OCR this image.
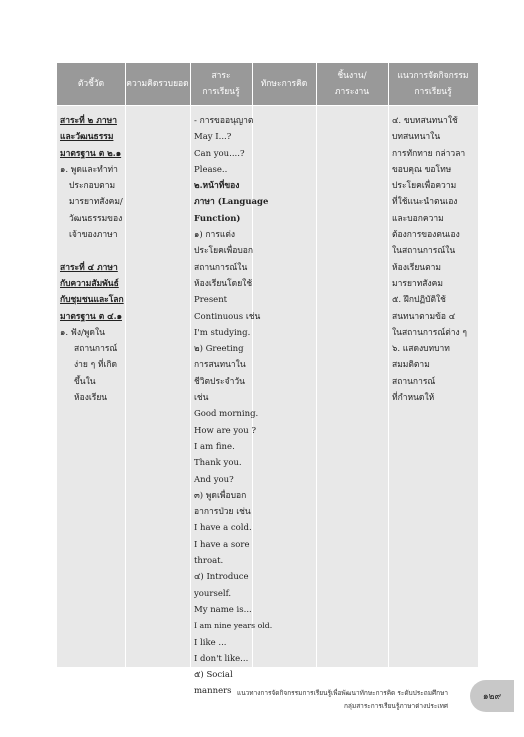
ตัวชี้วัด	ความคิดรวบยอด
สาระ
การเรียนรู้
ทักษะการคิด
ชิ้นงาน/
ภาระงาน
แนวการจัดกิจกรรม
การเรียนรู้

สาระที่ ๒ ภาษา

และวัฒนธรรม

มาตรฐาน ต ๒.๑

๑. พูดและทำท่า

ประกอบตาม

มารยาทสังคม/

วัฒนธรรมของ

เจ้าของภาษา

สาระที่ ๔ ภาษา

กับความสัมพันธ์

กับชุมชนและโลก

มาตรฐาน ต ๔.๑

๑. ฟัง/พูดใน

สถานการณ์

ง่าย ๆ ที่เกิด

ขึ้นใน

ห้องเรียน

- การขออนุญาต

May I...?

Can you....?

Please..

๒.หน้าที่ของ

ภาษา (Language

Function)

๑) การแต่ง

ประโยคเพื่อบอก

สถานการณ์ใน

ห้องเรียนโดยใช้

Present

Continuous เช่น

I'm studying.

๒) Greeting

การสนทนาใน

ชีวิตประจำวัน

เช่น

Good morning.

How are you ?

I am fine.

Thank you.

And you?

๓) พูดเพื่อบอก

อาการป่วย เช่น

I have a cold.

I have a sore

throat.

๔) Introduce

yourself.

My name is...

I am nine years old.

I like ...

I don't like...

๕) Social

manners

๔. ขบทสนทนาใช้

บทสนทนาใน

การทักทาย กล่าวลา

ขอบคุณ ขอโทษ

ประโยคเพื่อความ

ที่ใช้แนะนำตนเอง

และบอกความ

ต้องการของตนเอง

ในสถานการณ์ใน

ห้องเรียนตาม

มารยาทสังคม

๕. ฝึกปฏิบัติใช้

สนทนาตามข้อ ๔

ในสถานการณ์ต่าง ๆ

๖. แสดงบทบาท

สมมติตาม

สถานการณ์

ที่กำหนดให้

แนวทางการจัดกิจกรรมการเรียนรู้เพื่อพัฒนาทักษะการคิด ระดับประถมศึกษา
กลุ่มสาระการเรียนรู้ภาษาต่างประเทศ
๑๒๙
